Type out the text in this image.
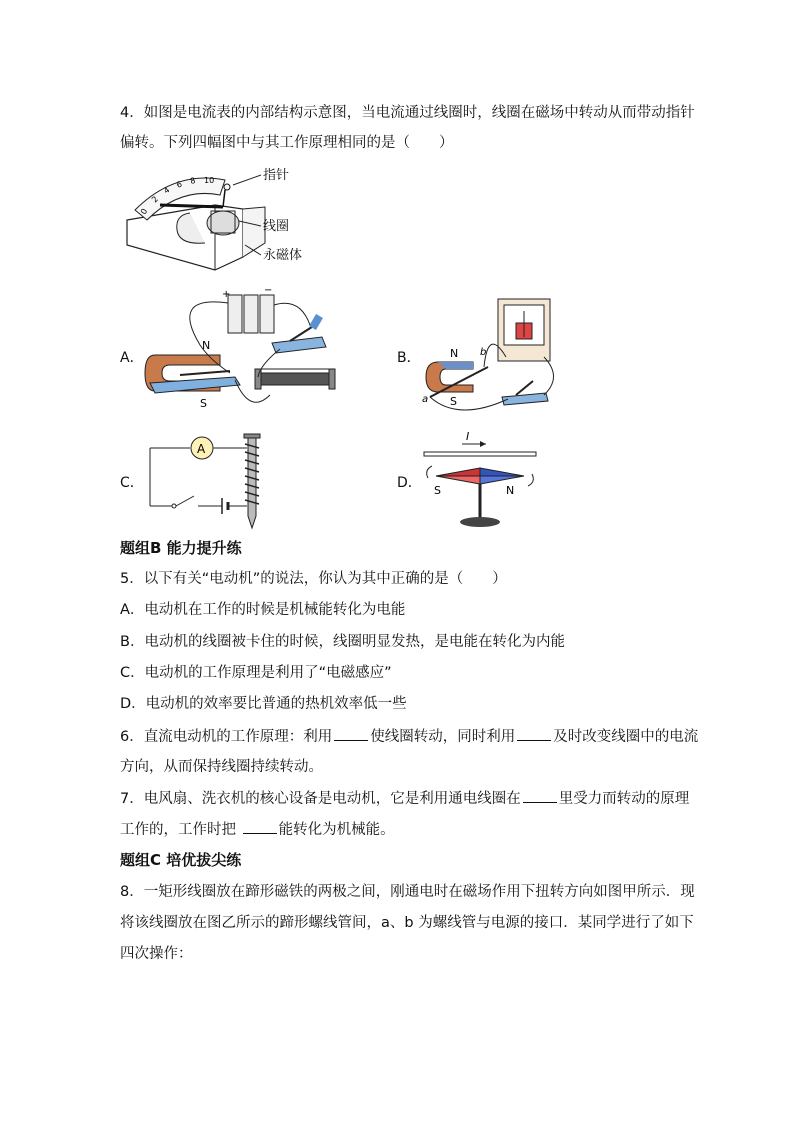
4．如图是电流表的内部结构示意图，当电流通过线圈时，线圈在磁场中转动从而带动指针
偏转。下列四幅图中与其工作原理相同的是（　　）
指针
线圈
永磁体
0
2
4
6 8 10
A．
+	−
N
S
B．	N
S
a
b
C．
A
D．
I
S	N
题组B 能力提升练
5．以下有关“电动机”的说法，你认为其中正确的是（　　）
A．电动机在工作的时候是机械能转化为电能
B．电动机的线圈被卡住的时候，线圈明显发热，是电能在转化为内能
C．电动机的工作原理是利用了“电磁感应”
D．电动机的效率要比普通的热机效率低一些
6．直流电动机的工作原理：利用	使线圈转动，同时利用	及时改变线圈中的电流
方向，从而保持线圈持续转动。
7．电风扇、洗衣机的核心设备是电动机，它是利用通电线圈在	里受力而转动的原理
工作的，工作时把	能转化为机械能。
题组C 培优拔尖练
8．一矩形线圈放在蹄形磁铁的两极之间，刚通电时在磁场作用下扭转方向如图甲所示．现
将该线圈放在图乙所示的蹄形螺线管间，a、b 为螺线管与电源的接口．某同学进行了如下
四次操作：
